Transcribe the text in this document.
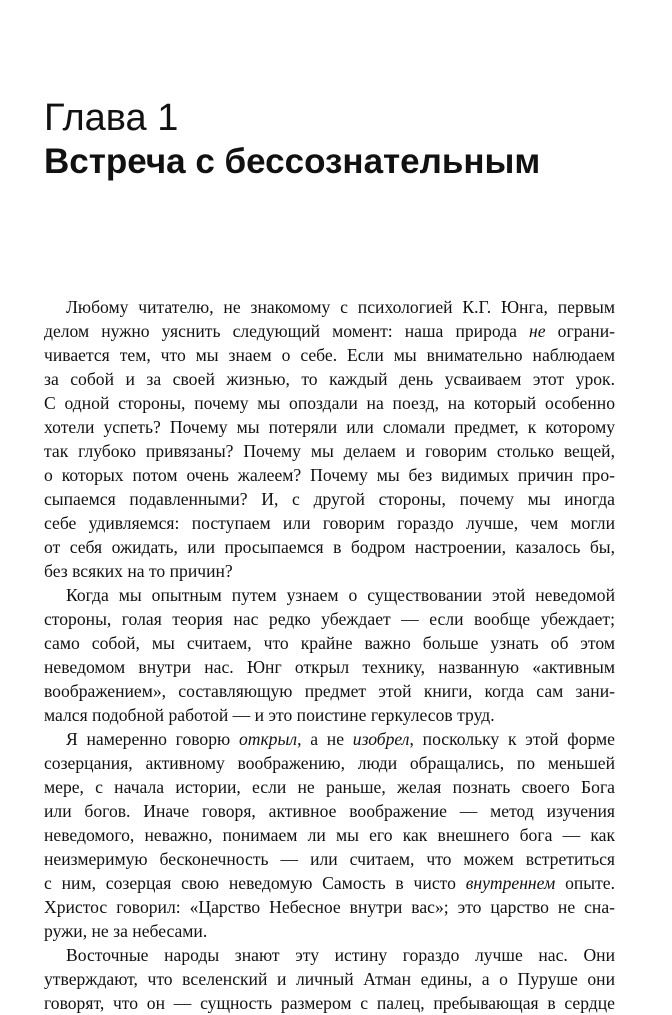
Глава 1
Встреча с бессознательным

Любому читателю, не знакомому с психологией К.Г. Юнга, первым
делом нужно уяснить следующий момент: наша природа не ограни-
чивается тем, что мы знаем о себе. Если мы внимательно наблюдаем
за собой и за своей жизнью, то каждый день усваиваем этот урок.
С одной стороны, почему мы опоздали на поезд, на который особенно
хотели успеть? Почему мы потеряли или сломали предмет, к которому
так глубоко привязаны? Почему мы делаем и говорим столько вещей,
о которых потом очень жалеем? Почему мы без видимых причин про-
сыпаемся подавленными? И, с другой стороны, почему мы иногда
себе удивляемся: поступаем или говорим гораздо лучше, чем могли
от себя ожидать, или просыпаемся в бодром настроении, казалось бы,
без всяких на то причин?

Когда мы опытным путем узнаем о существовании этой неведомой
стороны, голая теория нас редко убеждает — если вообще убеждает;
само собой, мы считаем, что крайне важно больше узнать об этом
неведомом внутри нас. Юнг открыл технику, названную «активным
воображением», составляющую предмет этой книги, когда сам зани-
мался подобной работой — и это поистине геркулесов труд.

Я намеренно говорю открыл, а не изобрел, поскольку к этой форме
созерцания, активному воображению, люди обращались, по меньшей
мере, с начала истории, если не раньше, желая познать своего Бога
или богов. Иначе говоря, активное воображение — метод изучения
неведомого, неважно, понимаем ли мы его как внешнего бога — как
неизмеримую бесконечность — или считаем, что можем встретиться
с ним, созерцая свою неведомую Самость в чисто внутреннем опыте.
Христос говорил: «Царство Небесное внутри вас»; это царство не сна-
ружи, не за небесами.

Восточные народы знают эту истину гораздо лучше нас. Они
утверждают, что вселенский и личный Атман едины, а о Пуруше они
говорят, что он — сущность размером с палец, пребывающая в сердце
